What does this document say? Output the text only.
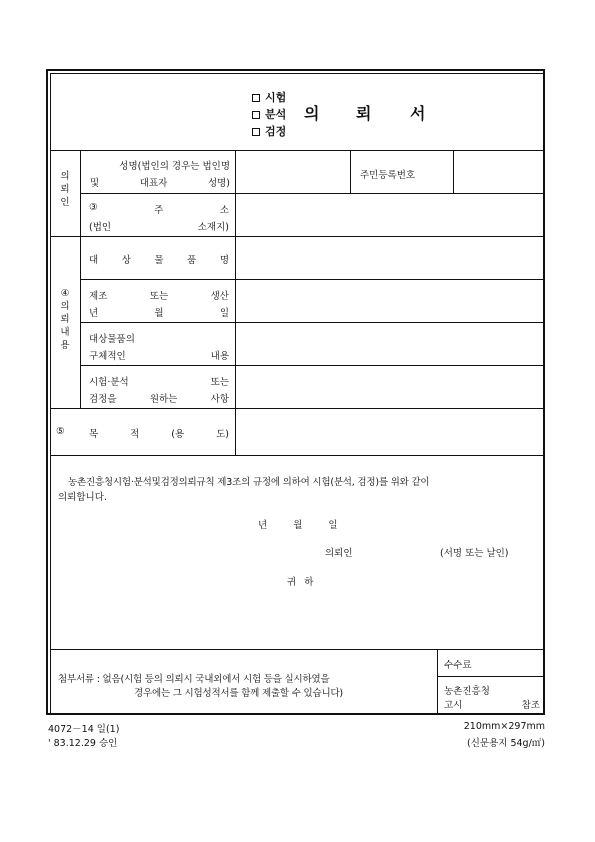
시험
분석
검정
의 뢰 서
의
뢰
인
성명(법인의 경우는 법인명
및	대표자	성명)
주민등록번호
③	주	소
(법인	소재지)
④
의
뢰
내
용
대 상 물 품 명
제조	또는	생산
년	월	일
대상물품의
구체적인	내용
시험·분석	또는
검정을	원하는	사항
⑤	목	적	(용	도)
농촌진흥청시험·분석및검정의뢰규칙 제3조의 규정에 의하여 시험(분석, 검정)를 위와 같이
의뢰합니다.
년	월	일
의뢰인	(서명 또는 날인)
귀 하
첨부서류 : 없음(시험 등의 의뢰시 국내외에서 시험 등을 실시하였을
경우에는 그 시험성적서를 함께 제출할 수 있습니다)
수수료
농촌진흥청
고시	참조
4072－14 일(1)
' 83.12.29 승인
210mm×297mm
(신문용지 54g/㎡)
